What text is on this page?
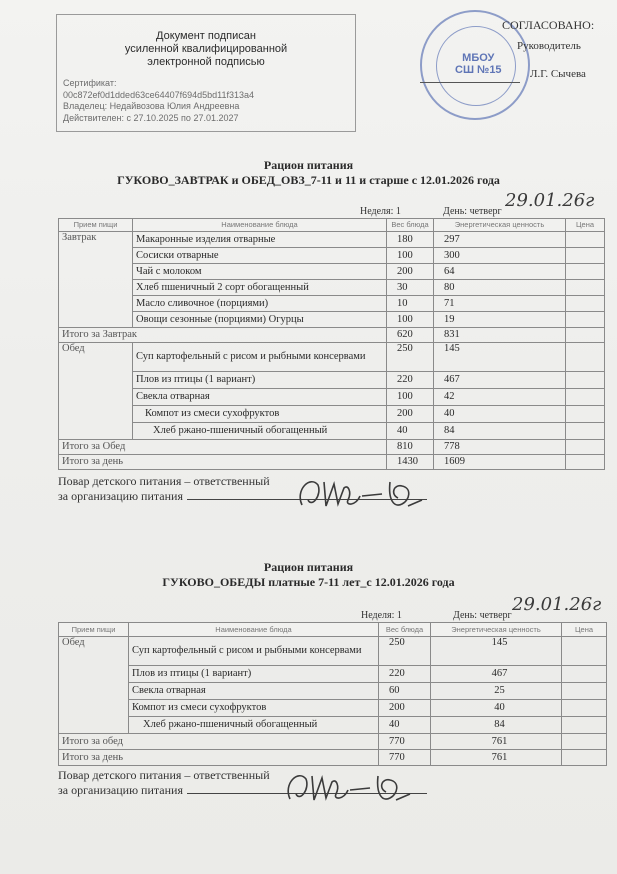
Документ подписан
усиленной квалифицированной
электронной подписью
Сертификат:
00c872ef0d1dded63ce64407f694d5bd11f313a4
Владелец: Недайвозова Юлия Андреевна
Действителен: с 27.10.2025 по 27.01.2027
МБОУ
СШ №15
СОГЛАСОВАНО:
Руководитель
Л.Г. Сычева
Рацион питания
ГУКОВО_ЗАВТРАК и ОБЕД_ОВЗ_7-11 и 11 и старше с 12.01.2026 года
Неделя: 1	День: четверг
29.01.26г
Прием пищи	Наименование блюда	Вес блюда	Энергетическая ценность	Цена
Завтрак	Макаронные изделия отварные	180	297	
	Сосиски отварные	100	300	
	Чай с молоком	200	64	
	Хлеб пшеничный 2 сорт обогащенный	30	80	
	Масло сливочное (порциями)	10	71	
	Овощи сезонные (порциями) Огурцы	100	19	
Итого за Завтрак		620	831	
Обед	Суп картофельный с рисом и рыбными консервами	250	145	
	Плов из птицы (1 вариант)	220	467	
	Свекла отварная	100	42	
	Компот из смеси сухофруктов	200	40	
	Хлеб ржано-пшеничный обогащенный	40	84	
Итого за Обед		810	778	
Итого за день		1430	1609	
Повар детского питания – ответственный
за организацию питания
Рацион питания
ГУКОВО_ОБЕДЫ платные 7-11 лет_с 12.01.2026 года
Неделя: 1	День: четверг
29.01.26г
Прием пищи	Наименование блюда	Вес блюда	Энергетическая ценность	Цена
Обед	Суп картофельный с рисом и рыбными консервами	250	145	
	Плов из птицы (1 вариант)	220	467	
	Свекла отварная	60	25	
	Компот из смеси сухофруктов	200	40	
	Хлеб ржано-пшеничный обогащенный	40	84	
Итого за обед		770	761	
Итого за день		770	761	
Повар детского питания – ответственный
за организацию питания
